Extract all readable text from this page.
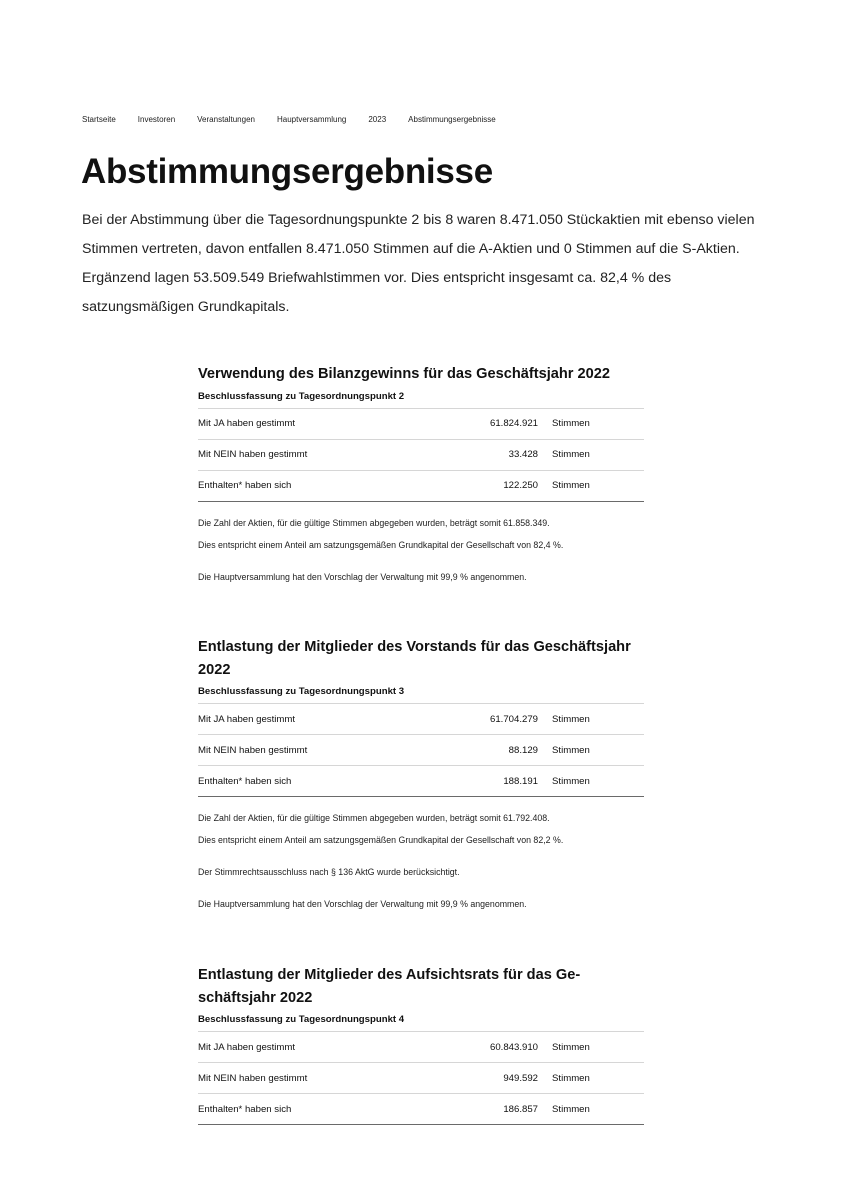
Startseite	Investoren	Veranstaltungen	Hauptversammlung	2023	Abstimmungsergebnisse
Abstimmungsergebnisse

Bei der Abstimmung über die Tagesordnungspunkte 2 bis 8 waren 8.471.050 Stückaktien mit ebenso vielen Stimmen vertreten, davon entfallen 8.471.050 Stimmen auf die A-Aktien und 0 Stimmen auf die S-Aktien. Ergänzend lagen 53.509.549 Briefwahlstimmen vor. Dies entspricht insgesamt ca. 82,4 % des satzungsmäßigen Grundkapitals.

Verwendung des Bilanzgewinns für das Geschäftsjahr 2022

Beschlussfassung zu Tagesordnungspunkt 2

Mit JA haben gestimmt	61.824.921	Stimmen
Mit NEIN haben gestimmt	33.428	Stimmen
Enthalten* haben sich	122.250	Stimmen

Die Zahl der Aktien, für die gültige Stimmen abgegeben wurden, beträgt somit 61.858.349.

Dies entspricht einem Anteil am satzungsgemäßen Grundkapital der Gesellschaft von 82,4 %.

Die Hauptversammlung hat den Vorschlag der Verwaltung mit 99,9 % angenommen.

Entlastung der Mitglieder des Vorstands für das Geschäftsjahr 2022

Beschlussfassung zu Tagesordnungspunkt 3

Mit JA haben gestimmt	61.704.279	Stimmen
Mit NEIN haben gestimmt	88.129	Stimmen
Enthalten* haben sich	188.191	Stimmen

Die Zahl der Aktien, für die gültige Stimmen abgegeben wurden, beträgt somit 61.792.408.

Dies entspricht einem Anteil am satzungsgemäßen Grundkapital der Gesellschaft von 82,2 %.

Der Stimmrechtsausschluss nach § 136 AktG wurde berücksichtigt.

Die Hauptversammlung hat den Vorschlag der Verwaltung mit 99,9 % angenommen.

Entlastung der Mitglieder des Aufsichtsrats für das Ge-schäftsjahr 2022

Beschlussfassung zu Tagesordnungspunkt 4

Mit JA haben gestimmt	60.843.910	Stimmen
Mit NEIN haben gestimmt	949.592	Stimmen
Enthalten* haben sich	186.857	Stimmen
